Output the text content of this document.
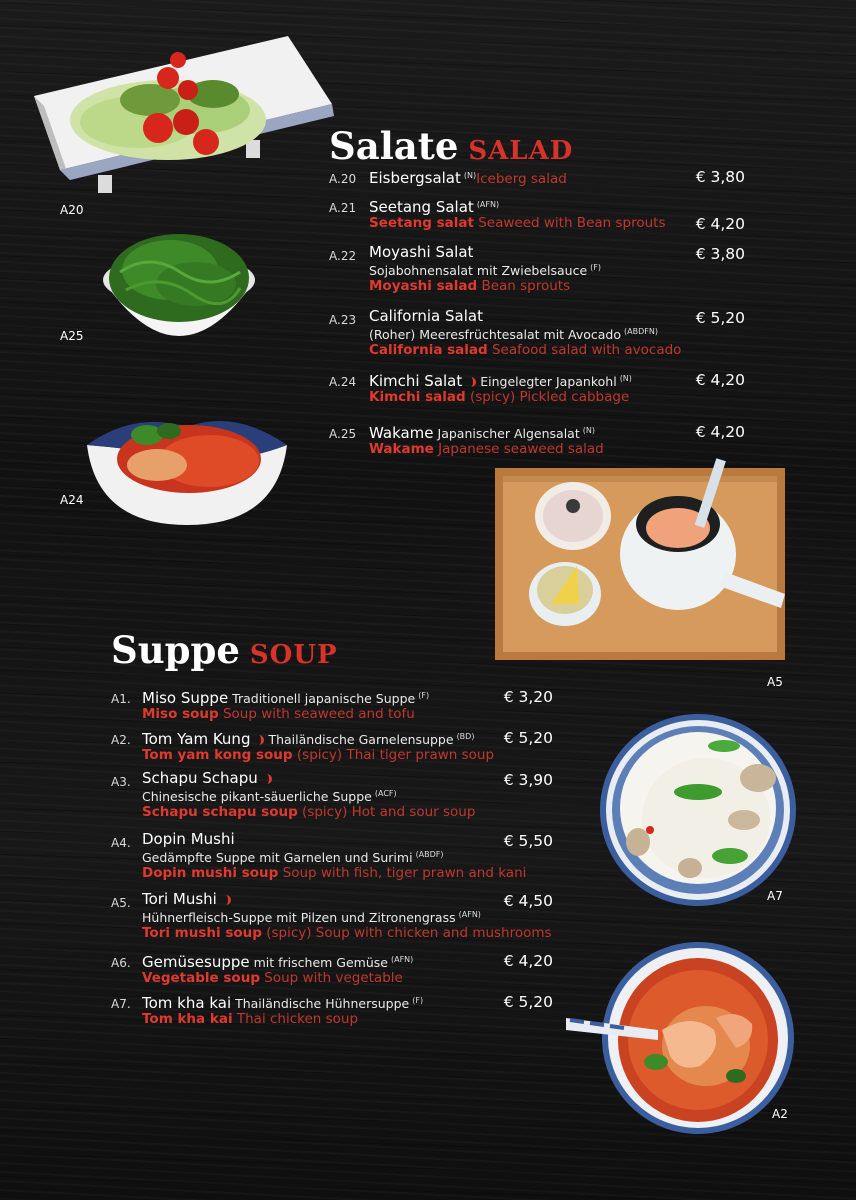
A20
A25
A24
Salate SALAD
A.20 Eisbergsalat $^{(N)}$Iceberg salad	€ 3,80
A.21 Seetang Salat $^{(AFN)}$
Seetang salat Seaweed with Bean sprouts	€ 4,20
A.22 Moyashi Salat
Sojabohnensalat mit Zwiebelsauce $^{(F)}$
Moyashi salad Bean sprouts
€ 3,80
A.23 California Salat
(Roher) Meeresfrüchtesalat mit Avocado $^{(ABDFN)}$
California salad Seafood salad with avocado
€ 5,20
A.24 Kimchi Salat Eingelegter Japankohl $^{(N)}$
Kimchi salad (spicy) Pickled cabbage
€ 4,20
A.25 Wakame Japanischer Algensalat $^{(N)}$
Wakame Japanese seaweed salad
€ 4,20
A5
Suppe SOUP
A1. Miso Suppe Traditionell japanische Suppe $^{(F)}$
Miso soup Soup with seaweed and tofu
€ 3,20
A2. Tom Yam Kung Thailändische Garnelensuppe $^{(BD)}$
Tom yam kong soup (spicy) Thai tiger prawn soup
€ 5,20
A3. Schapu Schapu
Chinesische pikant-säuerliche Suppe $^{(ACF)}$
Schapu schapu soup (spicy) Hot and sour soup
€ 3,90
A4. Dopin Mushi
Gedämpfte Suppe mit Garnelen und Surimi $^{(ABDF)}$
Dopin mushi soup Soup with fish, tiger prawn and kani
€ 5,50
A5. Tori Mushi
Hühnerfleisch-Suppe mit Pilzen und Zitronengrass $^{(AFN)}$
Tori mushi soup (spicy) Soup with chicken and mushrooms
€ 4,50
A6. Gemüsesuppe mit frischem Gemüse $^{(AFN)}$
Vegetable soup Soup with vegetable
€ 4,20
A7. Tom kha kai Thailändische Hühnersuppe $^{(F)}$
Tom kha kai Thai chicken soup
€ 5,20
A7
A2
